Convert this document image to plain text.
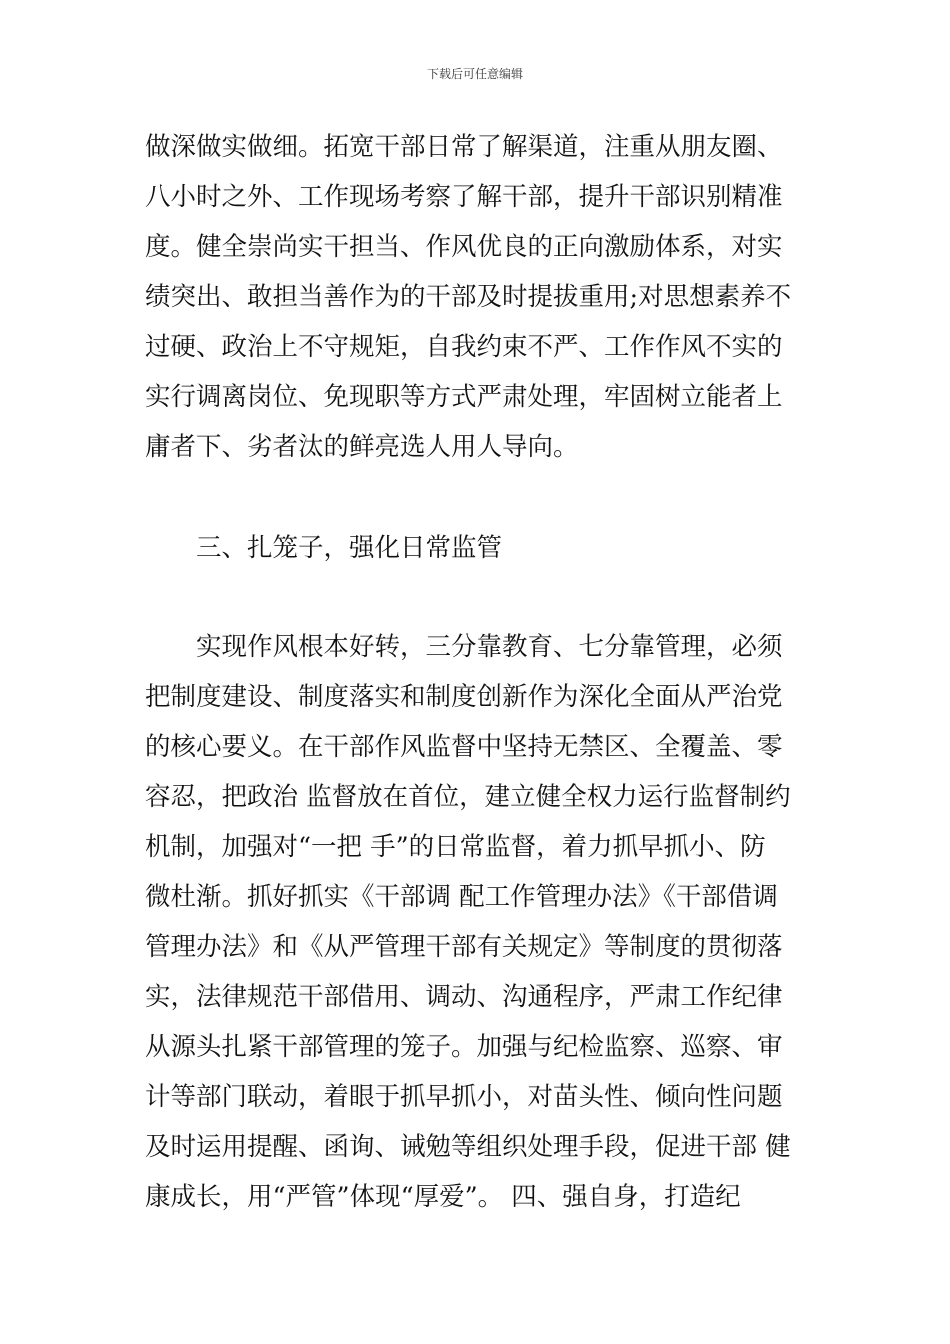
下载后可任意编辑
做深做实做细。拓宽干部日常了解渠道，注重从朋友圈、
八小时之外、工作现场考察了解干部，提升干部识别精准
度。健全崇尚实干担当、作风优良的正向激励体系，对实
绩突出、敢担当善作为的干部及时提拔重用;对思想素养不
过硬、政治上不守规矩，自我约束不严、工作作风不实的
实行调离岗位、免现职等方式严肃处理，牢固树立能者上
庸者下、劣者汰的鲜亮选人用人导向。
三、扎笼子，强化日常监管
实现作风根本好转，三分靠教育、七分靠管理，必须
把制度建设、制度落实和制度创新作为深化全面从严治党
的核心要义。在干部作风监督中坚持无禁区、全覆盖、零
容忍，把政治 监督放在首位，建立健全权力运行监督制约
机制，加强对“一把 手”的日常监督，着力抓早抓小、防
微杜渐。抓好抓实《干部调 配工作管理办法》《干部借调
管理办法》和《从严管理干部有关规定》等制度的贯彻落
实，法律规范干部借用、调动、沟通程序，严肃工作纪律
从源头扎紧干部管理的笼子。加强与纪检监察、巡察、审
计等部门联动，着眼于抓早抓小，对苗头性、倾向性问题
及时运用提醒、函询、诫勉等组织处理手段，促进干部 健
康成长，用“严管”体现“厚爱”。 四、强自身，打造纪
